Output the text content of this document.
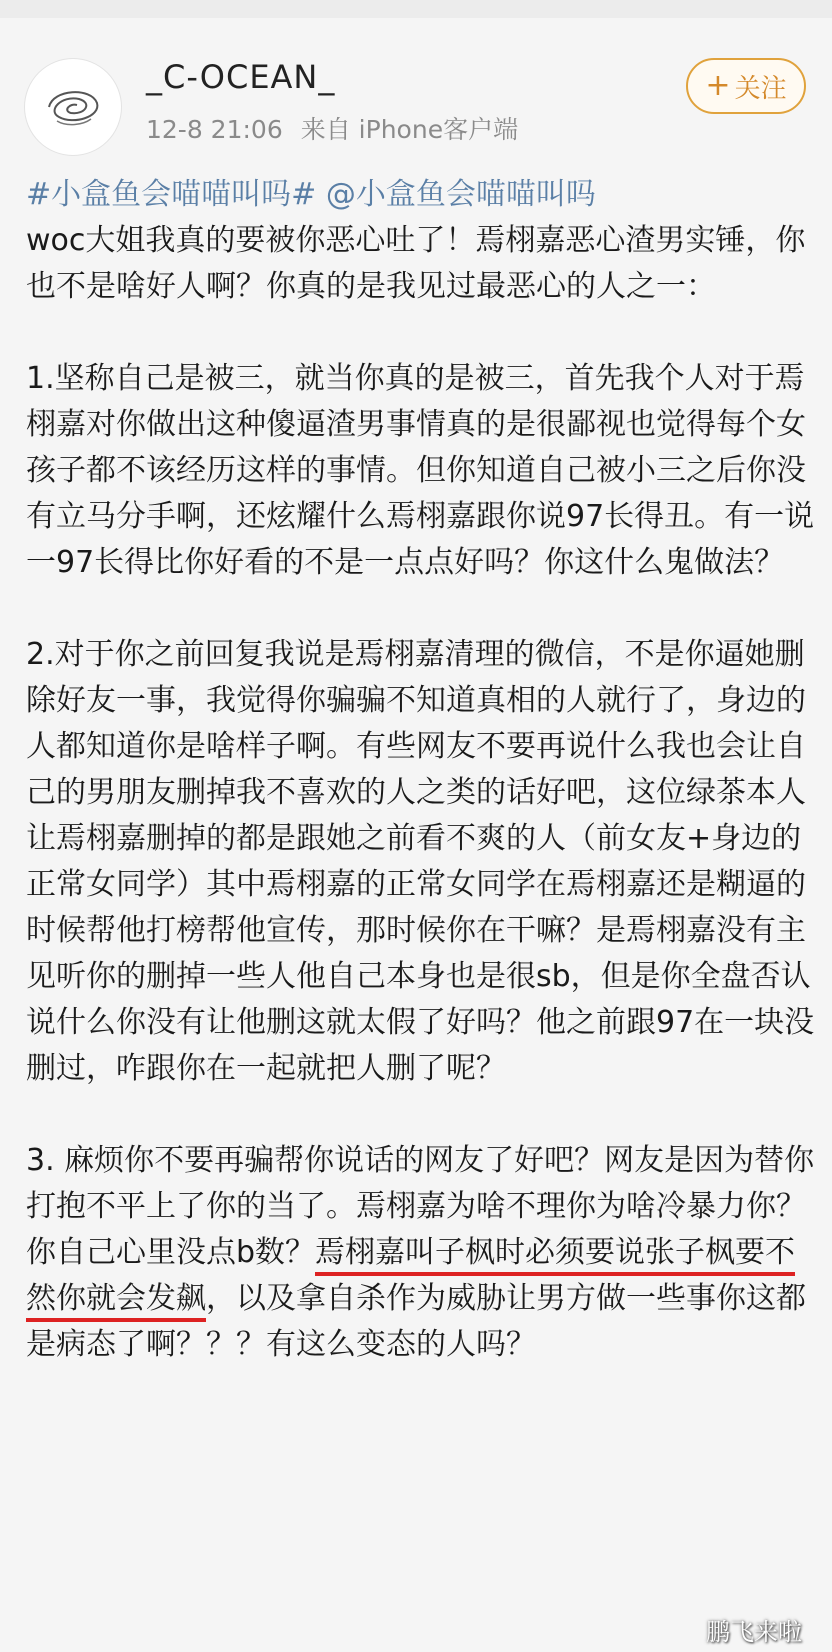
_C-OCEAN_
12-8 21:06 来自 iPhone客户端
+ 关注

#小盒鱼会喵喵叫吗# @小盒鱼会喵喵叫吗

woc大姐我真的要被你恶心吐了！焉栩嘉恶心渣男实锤，你也不是啥好人啊？你真的是我见过最恶心的人之一：

1.坚称自己是被三，就当你真的是被三，首先我个人对于焉栩嘉对你做出这种傻逼渣男事情真的是很鄙视也觉得每个女孩子都不该经历这样的事情。但你知道自己被小三之后你没有立马分手啊，还炫耀什么焉栩嘉跟你说97长得丑。有一说一97长得比你好看的不是一点点好吗？你这什么鬼做法？

2.对于你之前回复我说是焉栩嘉清理的微信，不是你逼她删除好友一事，我觉得你骗骗不知道真相的人就行了，身边的人都知道你是啥样子啊。有些网友不要再说什么我也会让自己的男朋友删掉我不喜欢的人之类的话好吧，这位绿茶本人让焉栩嘉删掉的都是跟她之前看不爽的人（前女友+身边的正常女同学）其中焉栩嘉的正常女同学在焉栩嘉还是糊逼的时候帮他打榜帮他宣传，那时候你在干嘛？是焉栩嘉没有主见听你的删掉一些人他自己本身也是很sb，但是你全盘否认说什么你没有让他删这就太假了好吗？他之前跟97在一块没删过，咋跟你在一起就把人删了呢？

3. 麻烦你不要再骗帮你说话的网友了好吧？网友是因为替你打抱不平上了你的当了。焉栩嘉为啥不理你为啥冷暴力你？你自己心里没点b数？焉栩嘉叫子枫时必须要说张子枫要不然你就会发飙，以及拿自杀作为威胁让男方做一些事你这都是病态了啊？？？有这么变态的人吗？

鹏飞来啦
